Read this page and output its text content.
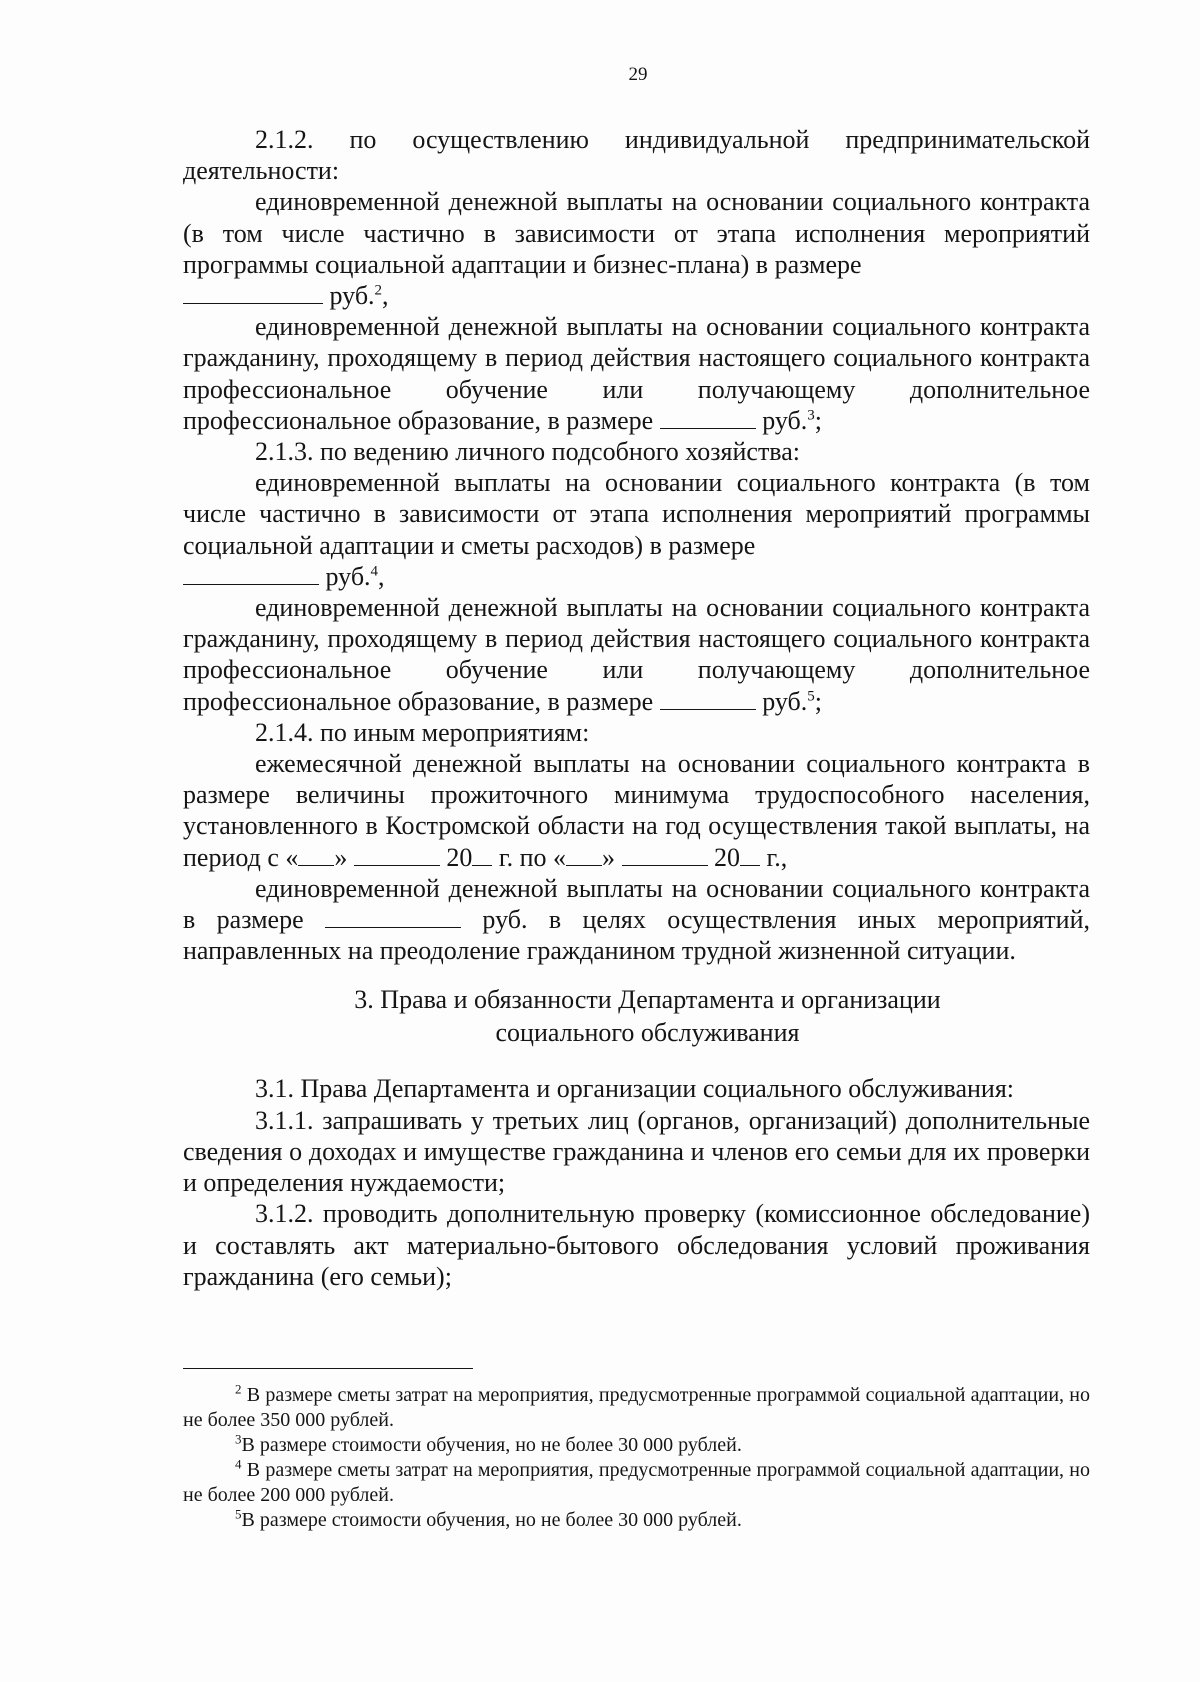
29

2.1.2. по осуществлению индивидуальной предпринимательской деятельности:

единовременной денежной выплаты на основании социального контракта (в том числе частично в зависимости от этапа исполнения мероприятий программы социальной адаптации и бизнес-плана) в размере
руб.$^2$,

единовременной денежной выплаты на основании социального контракта гражданину, проходящему в период действия настоящего социального контракта профессиональное обучение или получающему дополнительное профессиональное образование, в размере	руб.$^3$;

2.1.3. по ведению личного подсобного хозяйства:

единовременной выплаты на основании социального контракта (в том числе частично в зависимости от этапа исполнения мероприятий программы социальной адаптации и сметы расходов) в размере
руб.$^4$,

единовременной денежной выплаты на основании социального контракта гражданину, проходящему в период действия настоящего социального контракта профессиональное обучение или получающему дополнительное профессиональное образование, в размере	руб.$^5$;

2.1.4. по иным мероприятиям:

ежемесячной денежной выплаты на основании социального контракта в размере величины прожиточного минимума трудоспособного населения, установленного в Костромской области на год осуществления такой выплаты, на период с « »	20 г. по « »	20 г.,

единовременной денежной выплаты на основании социального контракта в размере	руб. в целях осуществления иных мероприятий, направленных на преодоление гражданином трудной жизненной ситуации.

3. Права и обязанности Департамента и организации

социального обслуживания

3.1. Права Департамента и организации социального обслуживания:

3.1.1. запрашивать у третьих лиц (органов, организаций) дополнительные сведения о доходах и имуществе гражданина и членов его семьи для их проверки и определения нуждаемости;

3.1.2. проводить дополнительную проверку (комиссионное обследование) и составлять акт материально-бытового обследования условий проживания гражданина (его семьи);

$^2$ В размере сметы затрат на мероприятия, предусмотренные программой социальной адаптации, но не более 350 000 рублей.

$^3$В размере стоимости обучения, но не более 30 000 рублей.

$^4$ В размере сметы затрат на мероприятия, предусмотренные программой социальной адаптации, но не более 200 000 рублей.

$^5$В размере стоимости обучения, но не более 30 000 рублей.
